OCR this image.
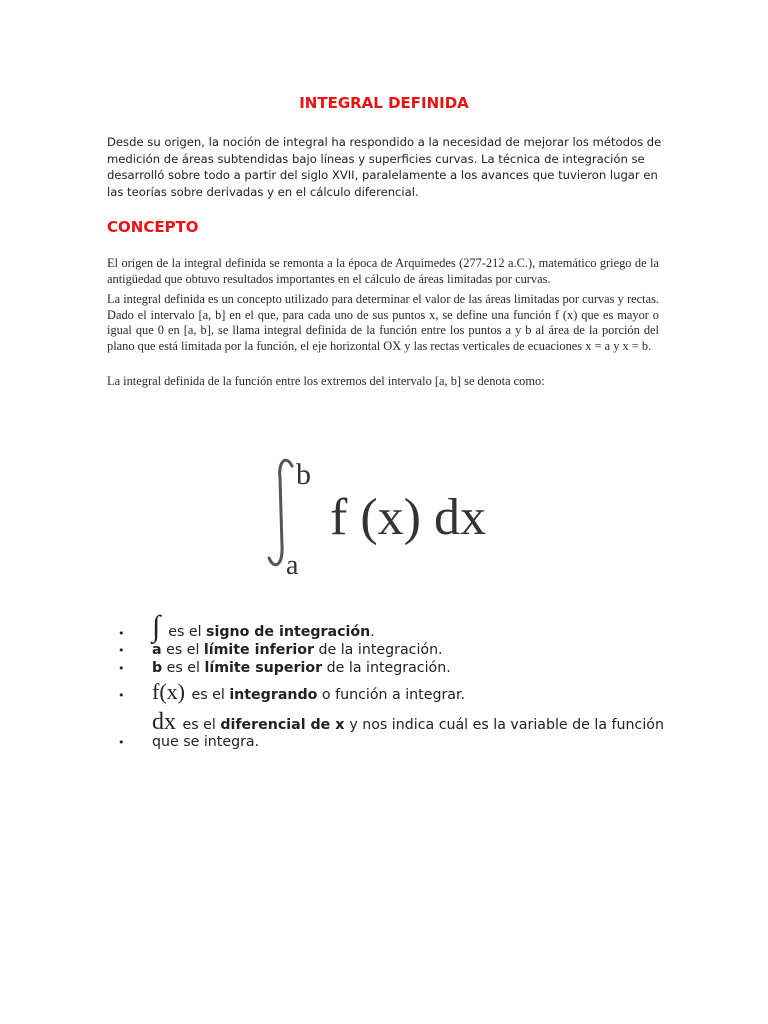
INTEGRAL DEFINIDA

Desde su origen, la noción de integral ha respondido a la necesidad de mejorar los métodos de medición de áreas subtendidas bajo líneas y superficies curvas. La técnica de integración se desarrolló sobre todo a partir del siglo XVII, paralelamente a los avances que tuvieron lugar en las teorías sobre derivadas y en el cálculo diferencial.

CONCEPTO

El origen de la integral definida se remonta a la época de Arquímedes (277-212 a.C.), matemático griego de la antigüedad que obtuvo resultados importantes en el cálculo de áreas limitadas por curvas.

La integral definida es un concepto utilizado para determinar el valor de las áreas limitadas por curvas y rectas. Dado el intervalo [a, b] en el que, para cada uno de sus puntos x, se define una función f (x) que es mayor o igual que 0 en [a, b], se llama integral definida de la función entre los puntos a y b al área de la porción del plano que está limitada por la función, el eje horizontal OX y las rectas verticales de ecuaciones x = a y x = b.

La integral definida de la función entre los extremos del intervalo [a, b] se denota como:

b
a
f (x) dx
• ∫ es el signo de integración.
• a es el límite inferior de la integración.
• b es el límite superior de la integración.
• f(x) es el integrando o función a integrar.
• dx es el diferencial de x y nos indica cuál es la variable de la función que se integra.
